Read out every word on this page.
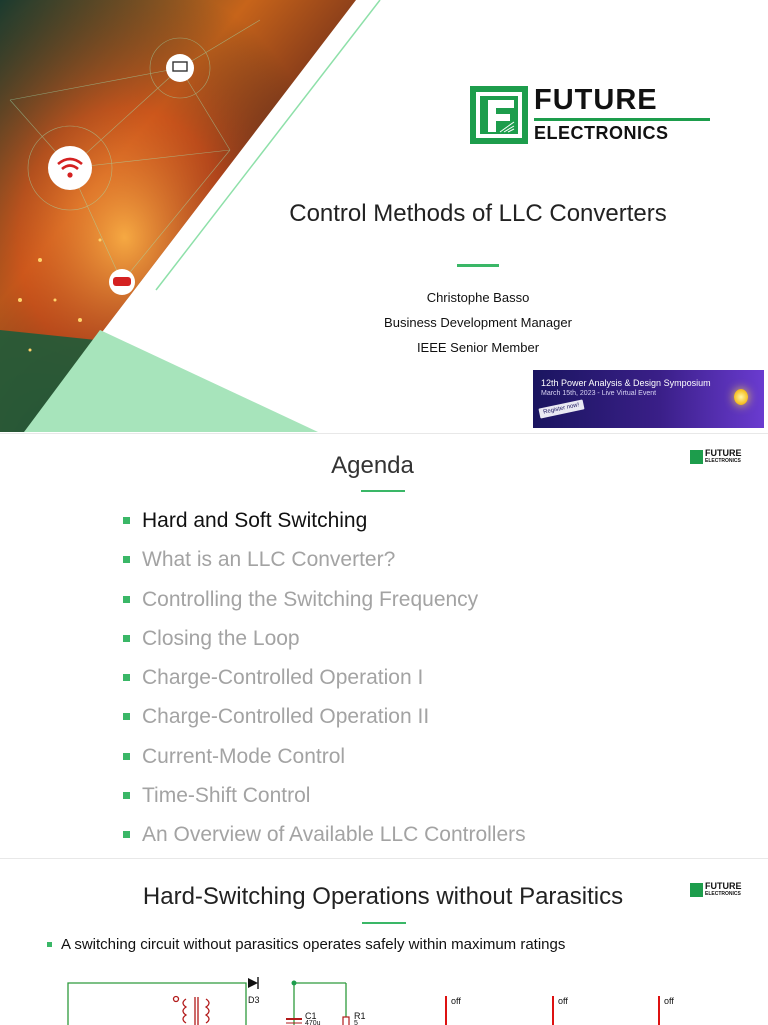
FUTURE
ELECTRONICS
Control Methods of LLC Converters
Christophe Basso
Business Development Manager
IEEE Senior Member
12th Power Analysis & Design Symposium
March 15th, 2023 - Live Virtual Event
Register now!
FUTURE
ELECTRONICS
Agenda
Hard and Soft Switching
What is an LLC Converter?
Controlling the Switching Frequency
Closing the Loop
Charge-Controlled Operation I
Charge-Controlled Operation II
Current-Mode Control
Time-Shift Control
An Overview of Available LLC Controllers
FUTURE
ELECTRONICS
Hard-Switching Operations without Parasitics
A switching circuit without parasitics operates safely within maximum ratings
D3
C1
470u
R1
5
off	off	off
